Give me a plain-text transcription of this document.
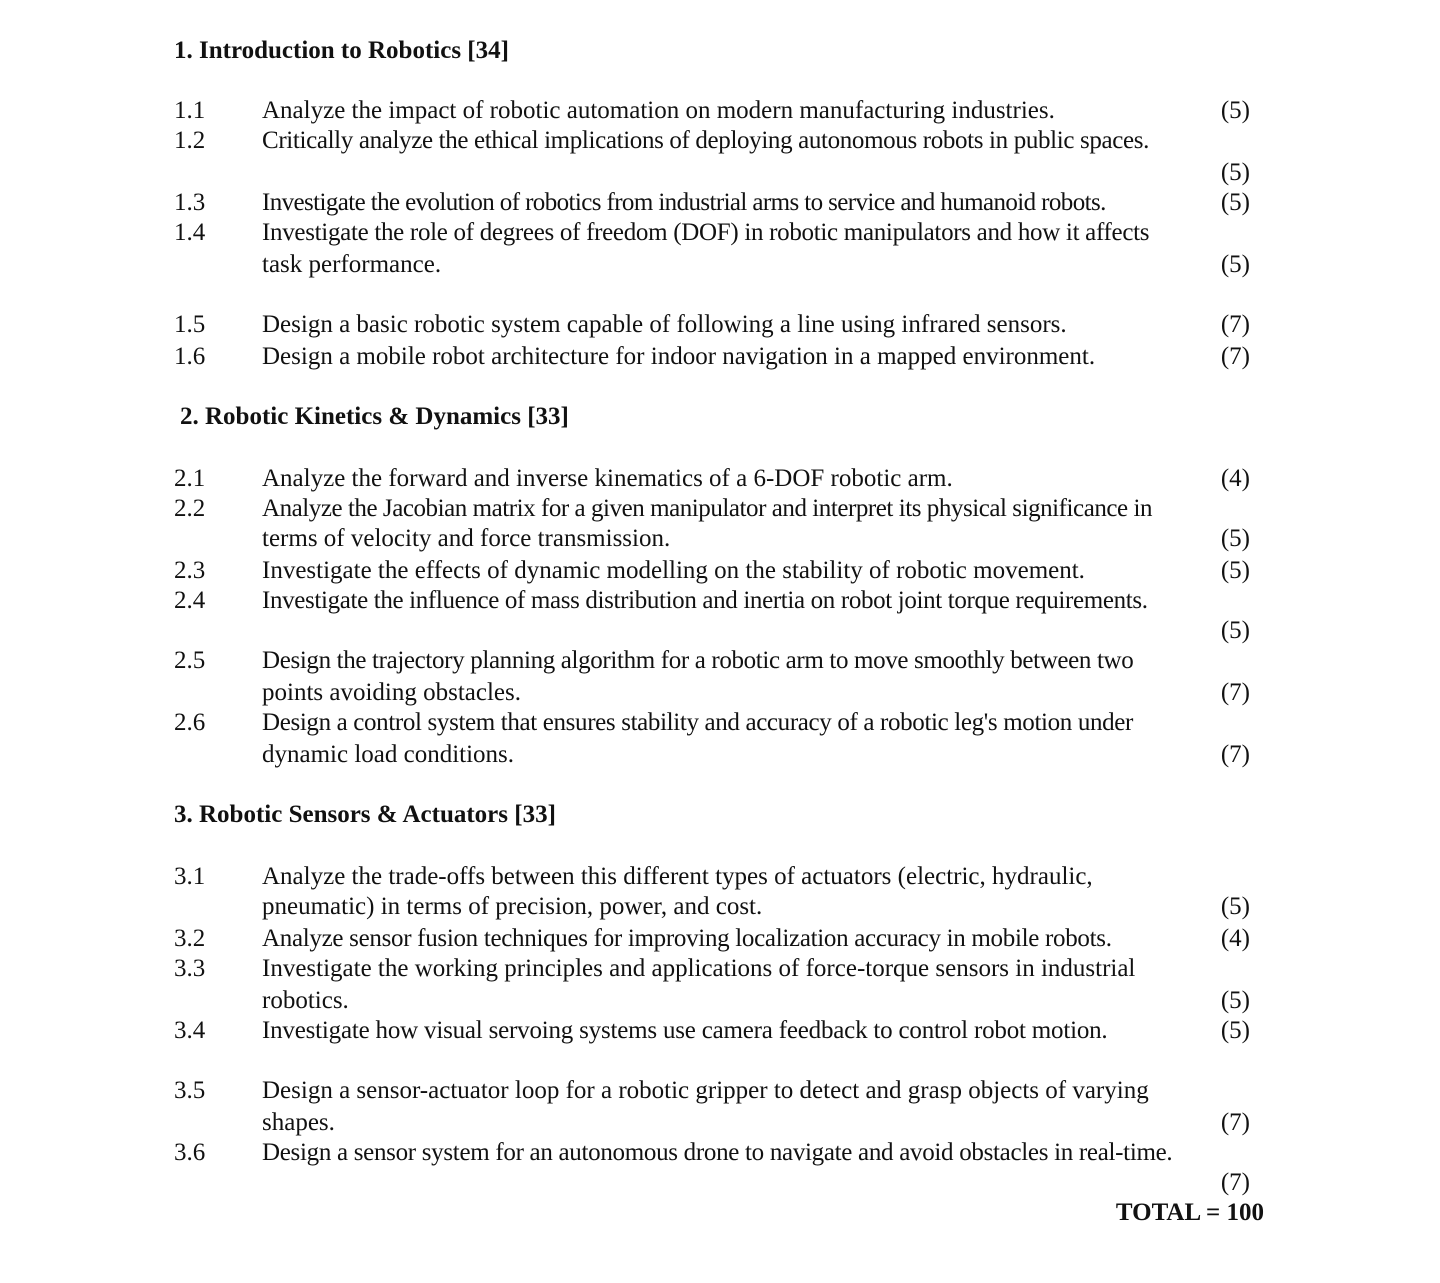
1. Introduction to Robotics [34]
1.1 Analyze the impact of robotic automation on modern manufacturing industries.	(5)
1.2 Critically analyze the ethical implications of deploying autonomous robots in public spaces.
(5)
1.3 Investigate the evolution of robotics from industrial arms to service and humanoid robots.	(5)
1.4 Investigate the role of degrees of freedom (DOF) in robotic manipulators and how it affects
task performance.	(5)
1.5 Design a basic robotic system capable of following a line using infrared sensors.	(7)
1.6 Design a mobile robot architecture for indoor navigation in a mapped environment.	(7)
2. Robotic Kinetics & Dynamics [33]
2.1 Analyze the forward and inverse kinematics of a 6-DOF robotic arm.	(4)
2.2 Analyze the Jacobian matrix for a given manipulator and interpret its physical significance in
terms of velocity and force transmission.	(5)
2.3 Investigate the effects of dynamic modelling on the stability of robotic movement.	(5)
2.4 Investigate the influence of mass distribution and inertia on robot joint torque requirements.
(5)
2.5 Design the trajectory planning algorithm for a robotic arm to move smoothly between two
points avoiding obstacles.	(7)
2.6 Design a control system that ensures stability and accuracy of a robotic leg's motion under
dynamic load conditions.	(7)
3. Robotic Sensors & Actuators [33]
3.1 Analyze the trade-offs between this different types of actuators (electric, hydraulic,
pneumatic) in terms of precision, power, and cost.	(5)
3.2 Analyze sensor fusion techniques for improving localization accuracy in mobile robots.	(4)
3.3 Investigate the working principles and applications of force-torque sensors in industrial
robotics.	(5)
3.4 Investigate how visual servoing systems use camera feedback to control robot motion.	(5)
3.5 Design a sensor-actuator loop for a robotic gripper to detect and grasp objects of varying
shapes.	(7)
3.6 Design a sensor system for an autonomous drone to navigate and avoid obstacles in real-time.
(7)
TOTAL = 100
